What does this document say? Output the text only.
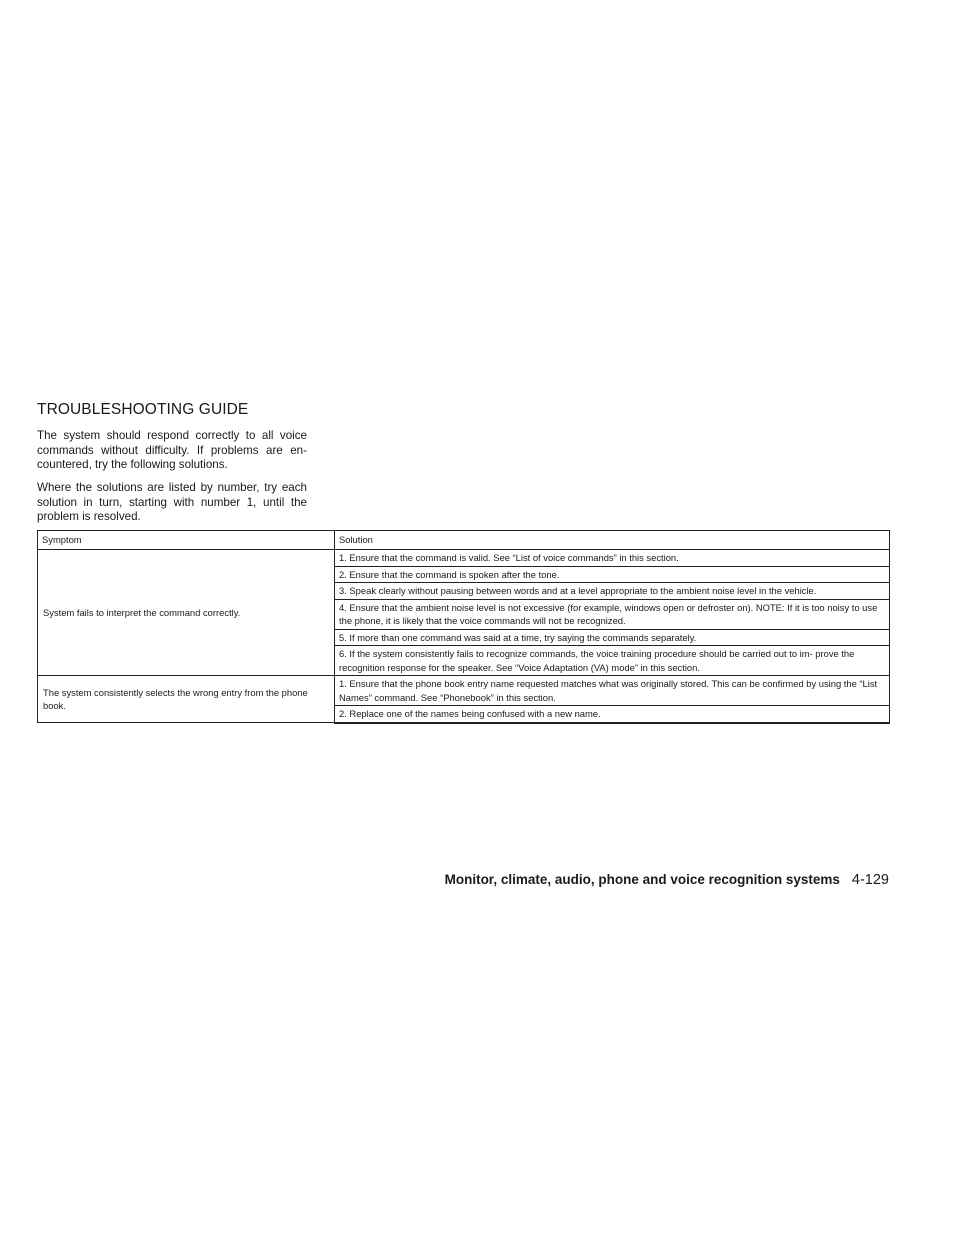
TROUBLESHOOTING GUIDE

The system should respond correctly to all voice commands without difficulty. If problems are en- countered, try the following solutions.

Where the solutions are listed by number, try each solution in turn, starting with number 1, until the problem is resolved.

Symptom	Solution
System fails to interpret the command correctly.	1. Ensure that the command is valid. See “List of voice commands” in this section.
	2. Ensure that the command is spoken after the tone.
	3. Speak clearly without pausing between words and at a level appropriate to the ambient noise level in the vehicle.
	4. Ensure that the ambient noise level is not excessive (for example, windows open or defroster on). NOTE: If it is too noisy to use the phone, it is likely that the voice commands will not be recognized.
	5. If more than one command was said at a time, try saying the commands separately.
	6. If the system consistently fails to recognize commands, the voice training procedure should be carried out to im- prove the recognition response for the speaker. See “Voice Adaptation (VA) mode” in this section.
The system consistently selects the wrong entry from the phone book.	1. Ensure that the phone book entry name requested matches what was originally stored. This can be confirmed by using the “List Names” command. See “Phonebook” in this section.
	2. Replace one of the names being confused with a new name.
Monitor, climate, audio, phone and voice recognition systems 4-129
